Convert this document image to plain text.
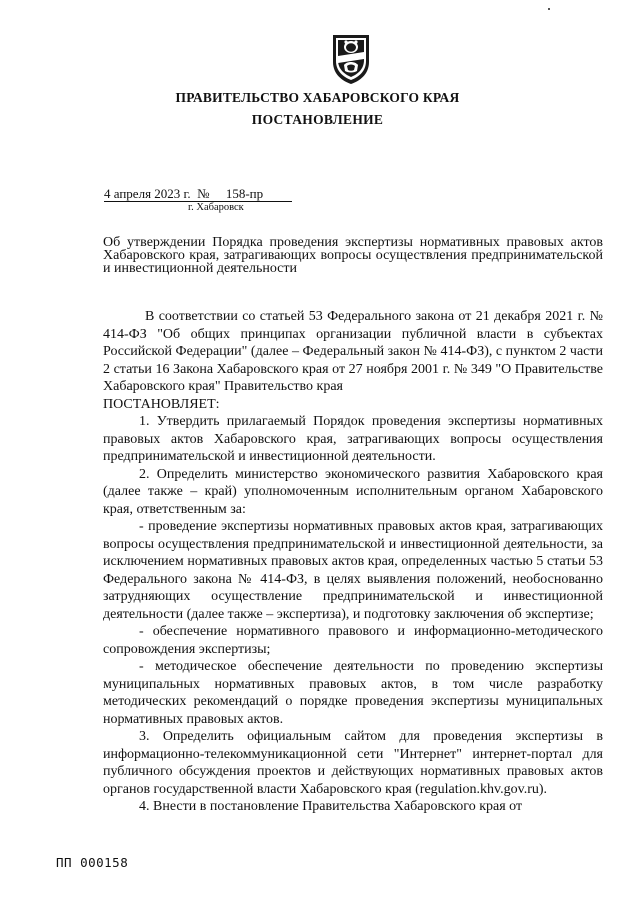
ПРАВИТЕЛЬСТВО ХАБАРОВСКОГО КРАЯ
ПОСТАНОВЛЕНИЕ
4 апреля 2023 г. № 158-пр
г. Хабаровск
Об утверждении Порядка проведения экспертизы нормативных правовых актов Хабаровского края, затрагивающих вопросы осуществления предпринимательской и инвестиционной деятельности

В соответствии со статьей 53 Федерального закона от 21 декабря 2021 г. № 414-ФЗ "Об общих принципах организации публичной власти в субъектах Российской Федерации" (далее – Федеральный закон № 414-ФЗ), с пунктом 2 части 2 статьи 16 Закона Хабаровского края от 27 ноября 2001 г. № 349 "О Правительстве Хабаровского края" Правительство края

ПОСТАНОВЛЯЕТ:

1. Утвердить прилагаемый Порядок проведения экспертизы нормативных правовых актов Хабаровского края, затрагивающих вопросы осуществления предпринимательской и инвестиционной деятельности.

2. Определить министерство экономического развития Хабаровского края (далее также – край) уполномоченным исполнительным органом Хабаровского края, ответственным за:

- проведение экспертизы нормативных правовых актов края, затрагивающих вопросы осуществления предпринимательской и инвестиционной деятельности, за исключением нормативных правовых актов края, определенных частью 5 статьи 53 Федерального закона № 414-ФЗ, в целях выявления положений, необоснованно затрудняющих осуществление предпринимательской и инвестиционной деятельности (далее также – экспертиза), и подготовку заключения об экспертизе;

- обеспечение нормативного правового и информационно-методического сопровождения экспертизы;

- методическое обеспечение деятельности по проведению экспертизы муниципальных нормативных правовых актов, в том числе разработку методических рекомендаций о порядке проведения экспертизы муниципальных нормативных правовых актов.

3. Определить официальным сайтом для проведения экспертизы в информационно-телекоммуникационной сети "Интернет" интернет-портал для публичного обсуждения проектов и действующих нормативных правовых актов органов государственной власти Хабаровского края (regulation.khv.gov.ru).

4. Внести в постановление Правительства Хабаровского края от

ПП 000158
